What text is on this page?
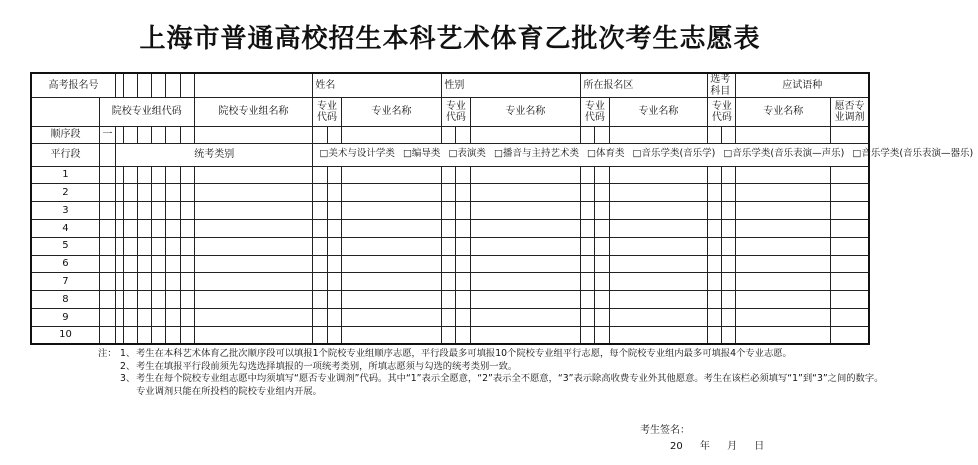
上海市普通高校招生本科艺术体育乙批次考生志愿表
高考报名号									姓名			性别			所在报名区			选考科目		应试语种	
	院校专业组代码							院校专业组名称	专业代码		专业名称	专业代码		专业名称	专业代码		专业名称	专业代码		专业名称	愿否专业调剂
顺序段	一																				
平行段		统考类别							□美术与设计学类 □编导类 □表演类 □播音与主持艺术类 □体育类 □音乐学类(音乐学) □音乐学类(音乐表演—声乐) □音乐学类(音乐表演—器乐)												
1																					
2																					
3																					
4																					
5																					
6																					
7																					
8																					
9																					
10																					
注： 1、 考生在本科艺术体育乙批次顺序段可以填报1个院校专业组顺序志愿，平行段最多可填报10个院校专业组平行志愿，每个院校专业组内最多可填报4个专业志愿。
2、 考生在填报平行段前须先勾选选择填报的一项统考类别，所填志愿须与勾选的统考类别一致。
3、 考生在每个院校专业组志愿中均须填写“愿否专业调剂”代码。其中“1”表示全愿意，“2”表示全不愿意，“3”表示除高收费专业外其他愿意。考生在该栏必须填写“1”到“3”之间的数字。专业调剂只能在所投档的院校专业组内开展。
考生签名：
20 年 月 日
